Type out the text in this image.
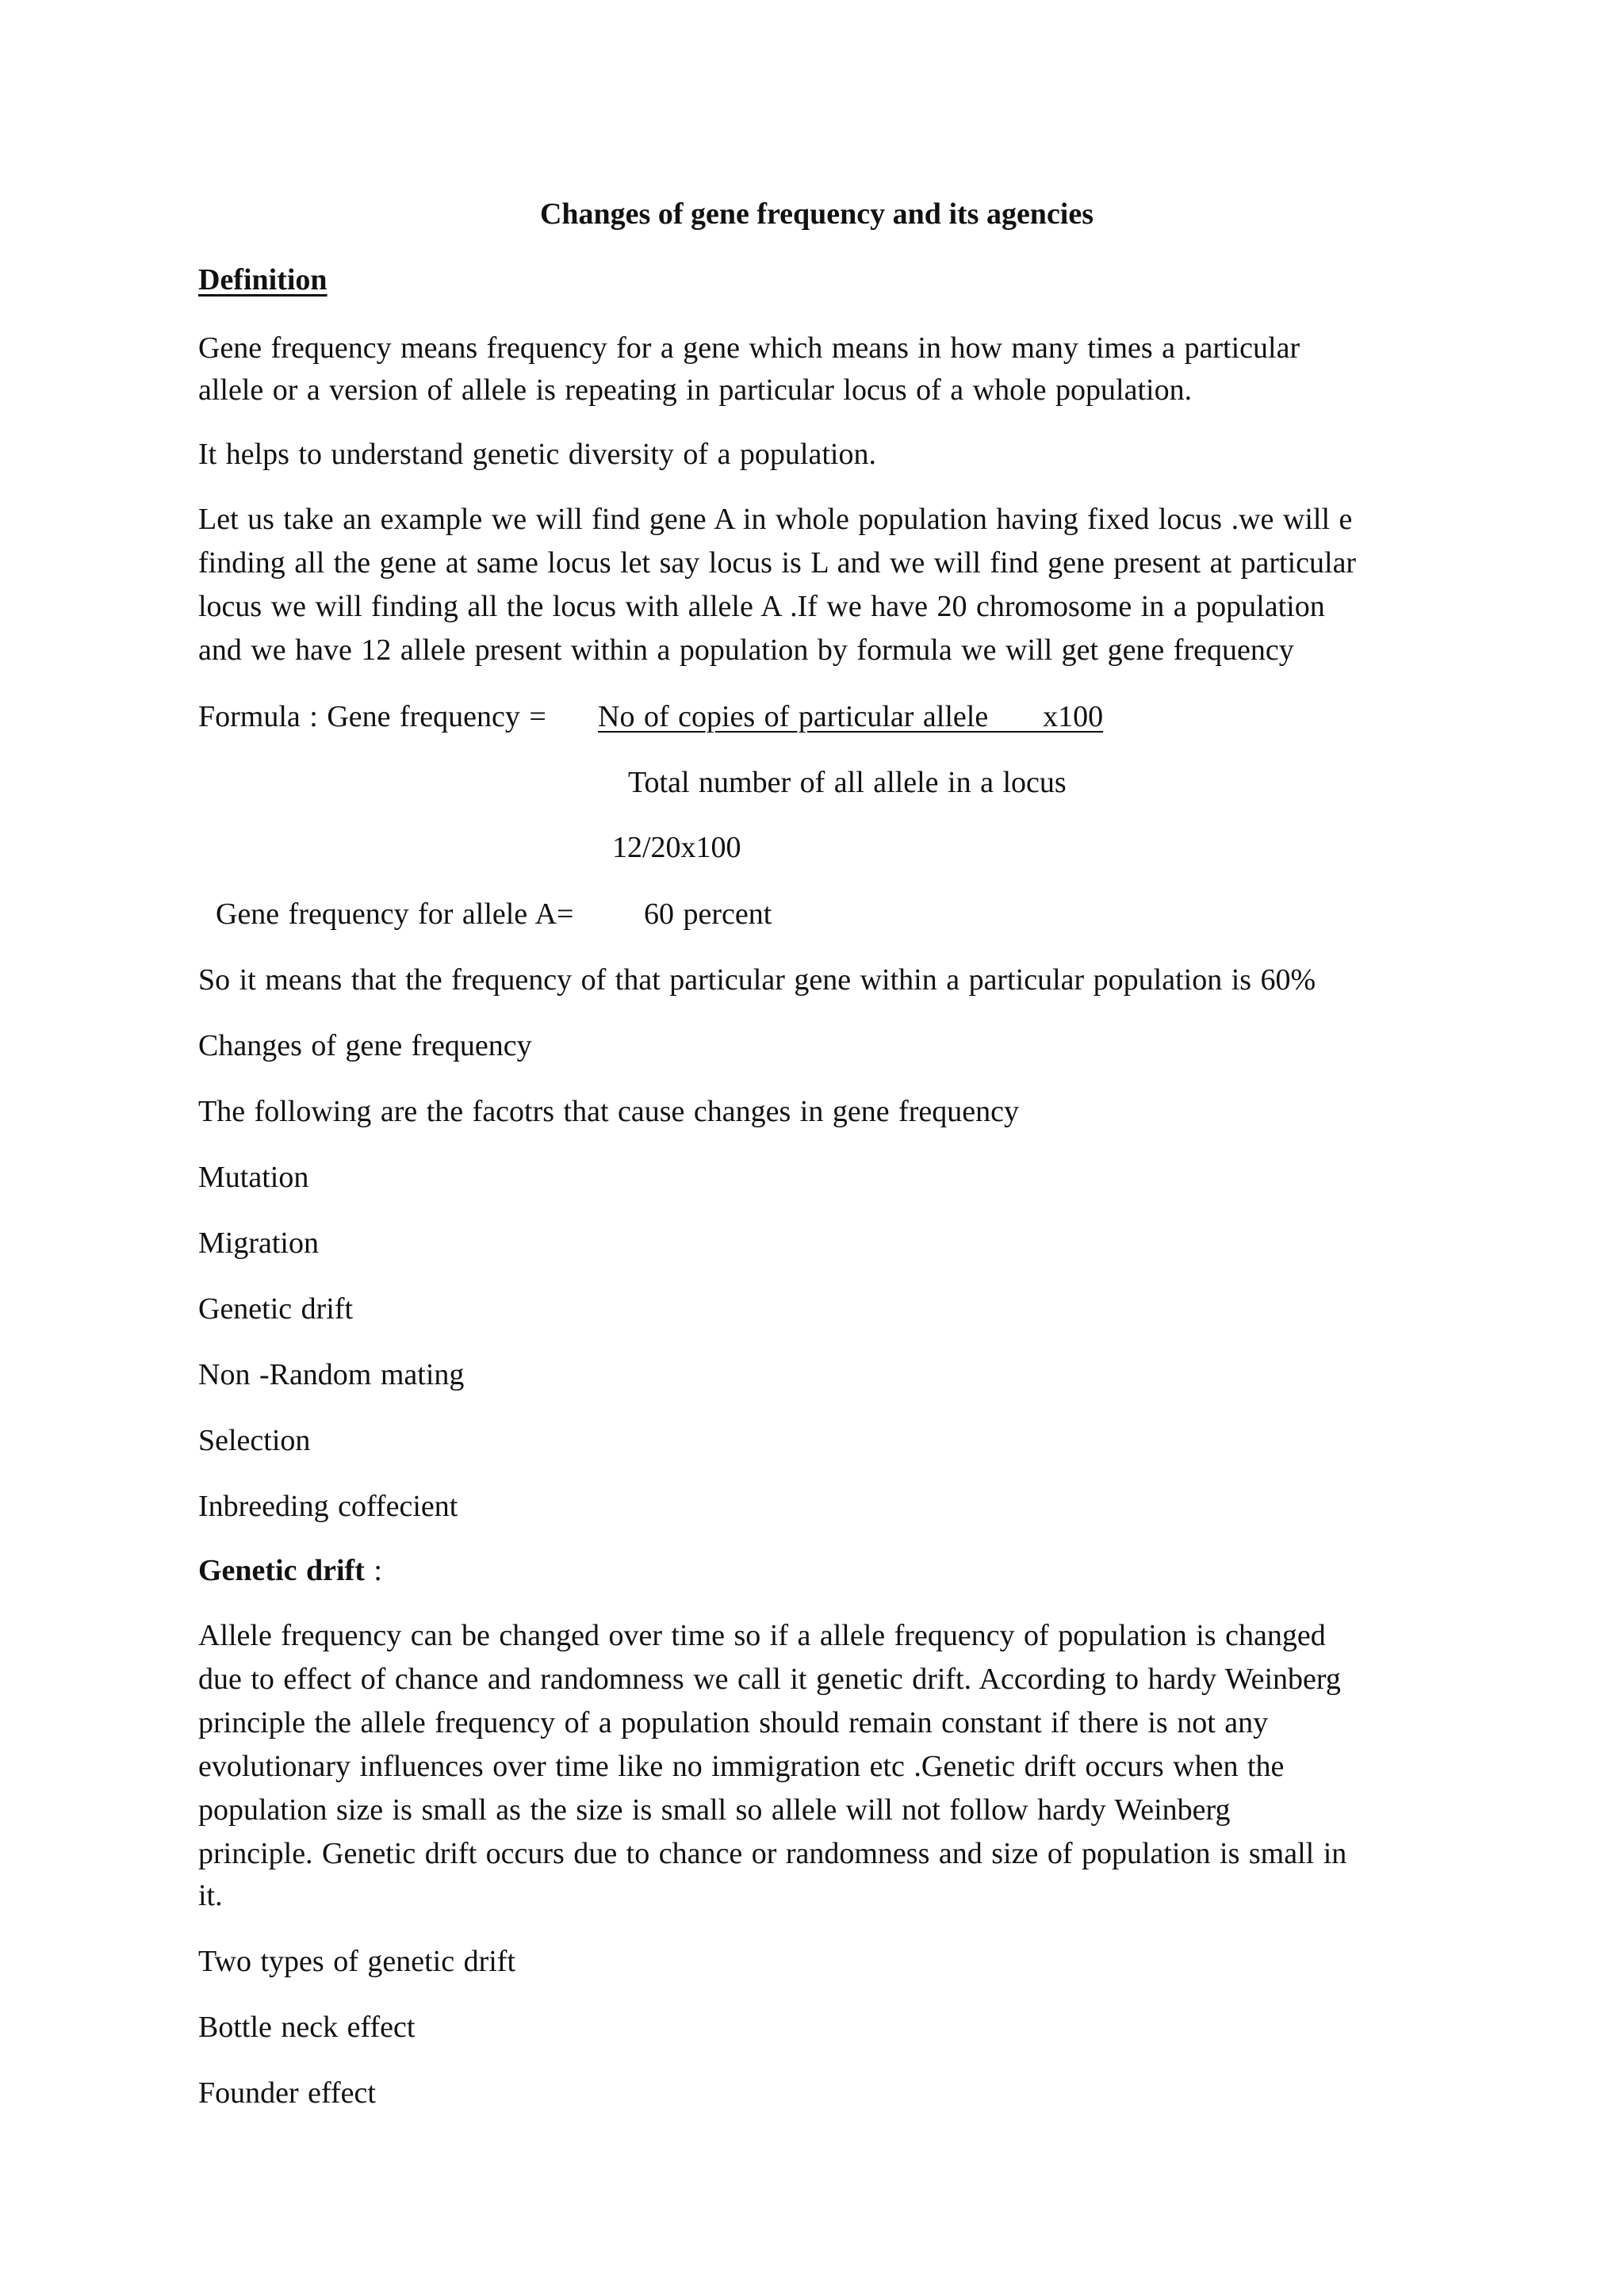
Changes of gene frequency and its agencies
Definition
Gene frequency means frequency for a gene which means in how many times a particular
allele or a version of allele is repeating in particular locus of a whole population.
It helps to understand genetic diversity of a population.
Let us take an example we will find gene A in whole population having fixed locus .we will e
finding all the gene at same locus let say locus is L and we will find gene present at particular
locus we will finding all the locus with allele A .If we have 20 chromosome in a population
and we have 12 allele present within a population by formula we will get gene frequency
Formula : Gene frequency = No of copies of particular allele      x100
Total number of all allele in a locus
12/20x100
Gene frequency for allele A= 60 percent
So it means that the frequency of that particular gene within a particular population is 60%
Changes of gene frequency
The following are the facotrs that cause changes in gene frequency
Mutation
Migration
Genetic drift
Non -Random mating
Selection
Inbreeding coffecient
Genetic drift :
Allele frequency can be changed over time so if a allele frequency of population is changed
due to effect of chance and randomness we call it genetic drift. According to hardy Weinberg
principle the allele frequency of a population should remain constant if there is not any
evolutionary influences over time like no immigration etc .Genetic drift occurs when the
population size is small as the size is small so allele will not follow hardy Weinberg
principle. Genetic drift occurs due to chance or randomness and size of population is small in
it.
Two types of genetic drift
Bottle neck effect
Founder effect
